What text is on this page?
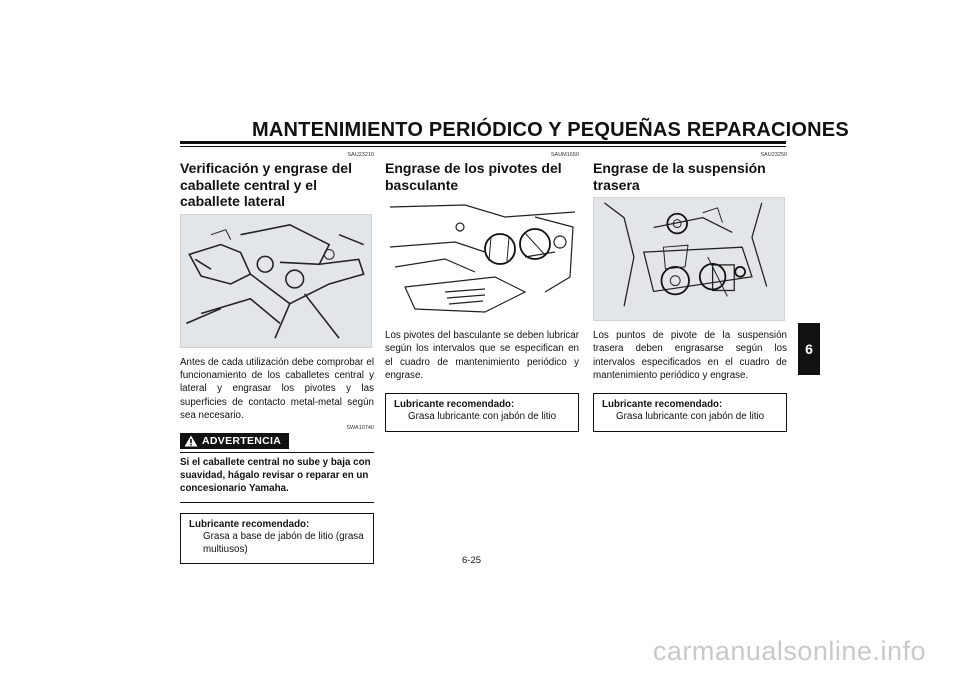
MANTENIMIENTO PERIÓDICO Y PEQUEÑAS REPARACIONES
6
SAU23210
Verificación y engrase del caballete central y el caballete lateral

Antes de cada utilización debe comprobar el funcionamiento de los caballetes central y lateral y engrasar los pivotes y las superficies de contacto metal-metal según sea necesario.

SWA10740
ADVERTENCIA

Si el caballete central no sube y baja con suavidad, hágalo revisar o reparar en un concesionario Yamaha.

Lubricante recomendado:
Grasa a base de jabón de litio (grasa multiusos)
SAUM1650
Engrase de los pivotes del basculante

Los pivotes del basculante se deben lubricar según los intervalos que se especifican en el cuadro de mantenimiento periódico y engrase.

Lubricante recomendado:
Grasa lubricante con jabón de litio
SAU23250
Engrase de la suspensión trasera

Los puntos de pivote de la suspensión trasera deben engrasarse según los intervalos especificados en el cuadro de mantenimiento periódico y engrase.

Lubricante recomendado:
Grasa lubricante con jabón de litio
6-25
carmanualsonline.info
